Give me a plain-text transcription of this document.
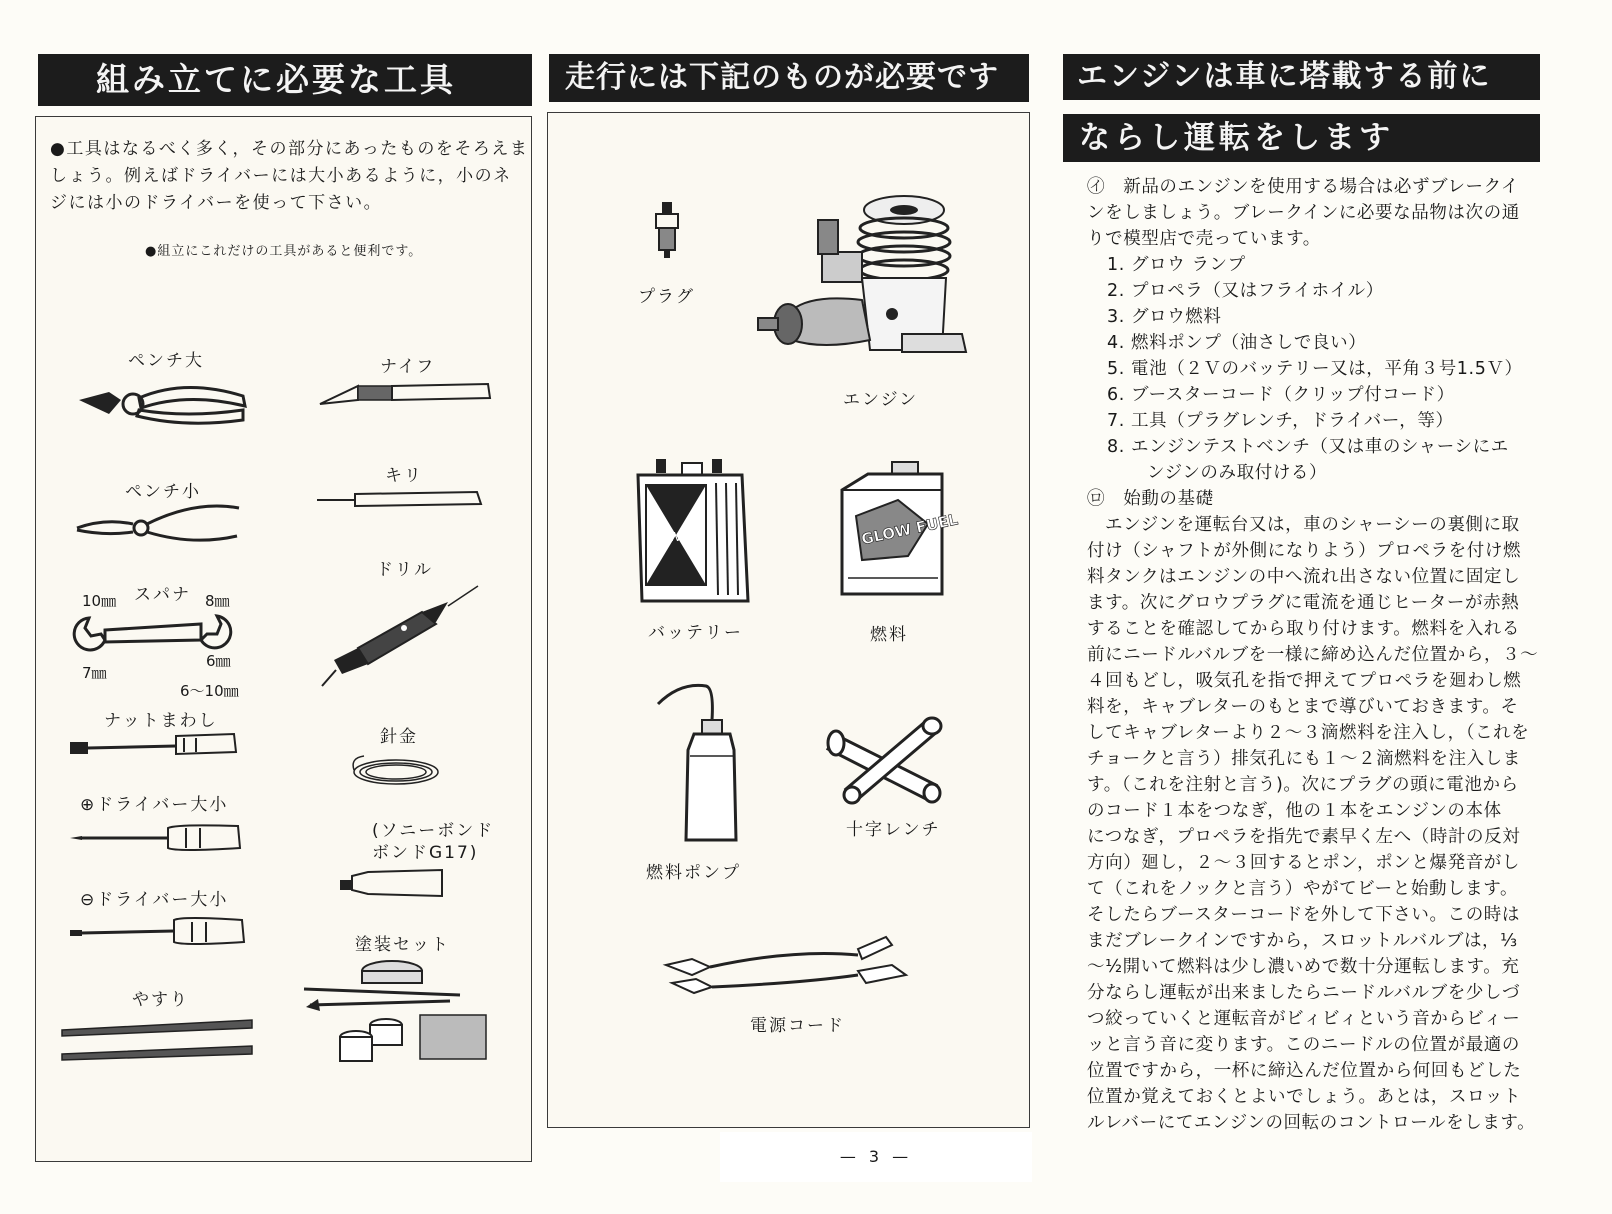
組み立てに必要な工具
●工具はなるべく多く，その部分にあったものをそろえましょう。例えばドライバーには大小あるように，小のネジには小のドライバーを使って下さい。
●組立にこれだけの工具があると便利です。
ペンチ大	ナイフ
ペンチ小
キリ
スパナ
10㎜	8㎜
7㎜
6㎜
6〜10㎜
ドリル
ナットまわし
針金
⊕ドライバー大小
(ソニーボンド
ボンドG17)
⊖ドライバー大小
塗装セット
やすり
走行には下記のものが必要です
プラグ
エンジン
EV
バッテリー
GLOW FUEL
燃料
燃料ポンプ
十字レンチ
電源コード
エンジンは車に塔載する前に
ならし運転をします
㋑　 新品のエンジンを使用する場合は必ずブレークイ
ンをしましょう。ブレークインに必要な品物は次の通
りで模型店で売っています。
1. グロウ ランプ
2. プロペラ（又はフライホイル）
3. グロウ燃料
4. 燃料ポンプ（油さしで良い）
5. 電池（２Ｖのバッテリー又は，平角３号1.5Ｖ）
6. ブースターコード（クリップ付コード）
7. 工具（プラグレンチ，ドライバー，等）
8. エンジンテストベンチ（又は車のシャーシにエ
ンジンのみ取付ける）
㋺　 始動の基礎
エンジンを運転台又は，車のシャーシーの裏側に取
付け（シャフトが外側になりよう）プロペラを付け燃
料タンクはエンジンの中へ流れ出さない位置に固定し
ます。次にグロウプラグに電流を通じヒーターが赤熱
することを確認してから取り付けます。燃料を入れる
前にニードルバルブを一様に締め込んだ位置から，３〜
４回もどし，吸気孔を指で押えてプロペラを廻わし燃
料を，キャブレターのもとまで導びいておきます。そ
してキャブレターより２〜３滴燃料を注入し，（これを
チョークと言う）排気孔にも１〜２滴燃料を注入しま
す。（これを注射と言う)。次にプラグの頭に電池から
のコード１本をつなぎ，他の１本をエンジンの本体
につなぎ，プロペラを指先で素早く左へ（時計の反対
方向）廻し，２〜３回するとポン，ポンと爆発音がし
て（これをノックと言う）やがてビーと始動します。
そしたらブースターコードを外して下さい。この時は
まだブレークインですから，スロットルバルブは，⅓
〜½開いて燃料は少し濃いめで数十分運転します。充
分ならし運転が出来ましたらニードルバルブを少しづ
つ絞っていくと運転音がビィビィという音からビィー
ッと言う音に変ります。このニードルの位置が最適の
位置ですから，一杯に締込んだ位置から何回もどした
位置か覚えておくとよいでしょう。あとは，スロット
ルレバーにてエンジンの回転のコントロールをします。
— 3 —
